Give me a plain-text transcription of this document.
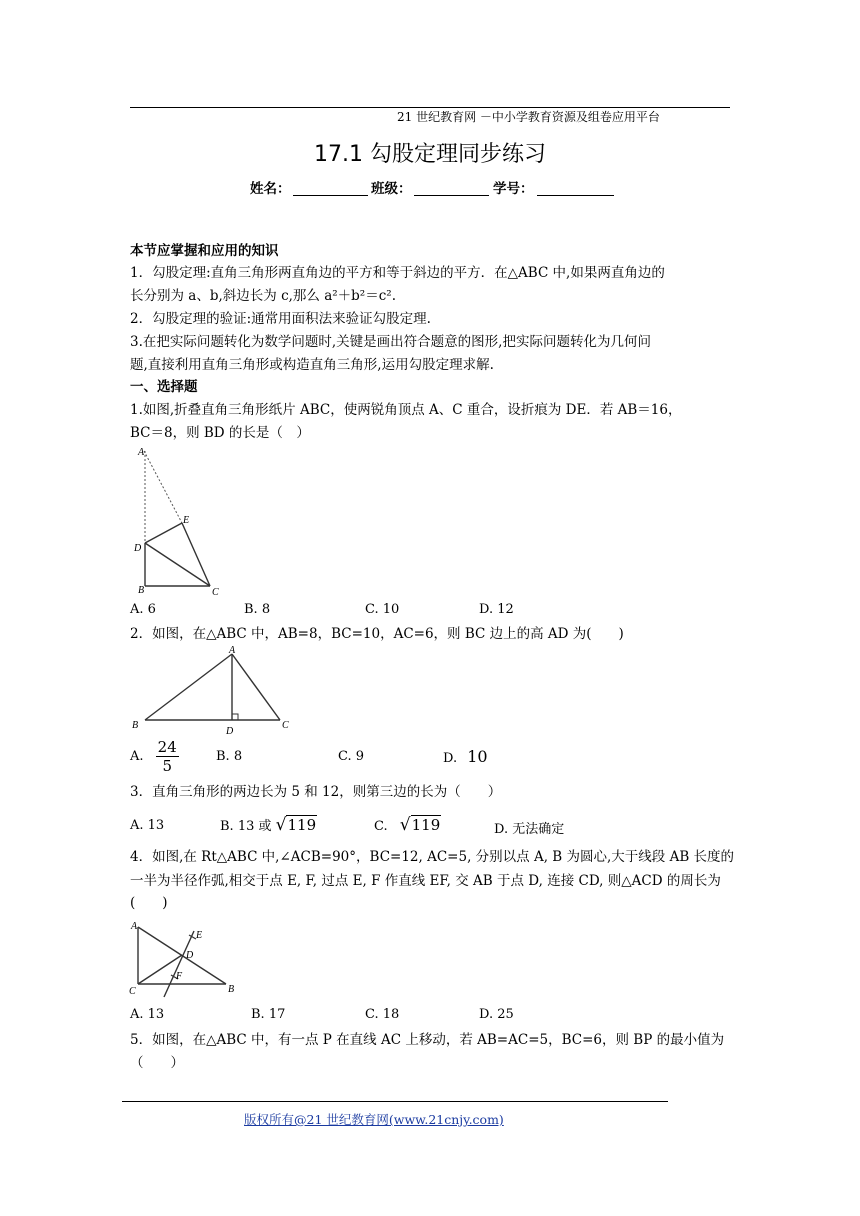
21 世纪教育网 －中小学教育资源及组卷应用平台
17.1 勾股定理同步练习
姓名：	班级：	学号：
本节应掌握和应用的知识
1．勾股定理:直角三角形两直角边的平方和等于斜边的平方．在△ABC 中,如果两直角边的
长分别为 a、b,斜边长为 c,那么 a²＋b²＝c².
2．勾股定理的验证:通常用面积法来验证勾股定理.
3.在把实际问题转化为数学问题时,关键是画出符合题意的图形,把实际问题转化为几何问
题,直接利用直角三角形或构造直角三角形,运用勾股定理求解.
一、选择题
1.如图,折叠直角三角形纸片 ABC，使两锐角顶点 A、C 重合，设折痕为 DE．若 AB＝16，
BC＝8，则 BD 的长是（　）
A
E
D
B	C
A. 6	B. 8	C. 10	D. 12
2．如图，在△ABC 中，AB=8，BC=10，AC=6，则 BC 边上的高 AD 为(　　)
A
B
D
C
A. $\frac{24}{5}$	B. 8	C. 9	D. 10
3．直角三角形的两边长为 5 和 12，则第三边的长为（　　）
A. 13	B. 13 或 √119	C. √119	D. 无法确定
4．如图,在 Rt△ABC 中,∠ACB=90°，BC=12, AC=5, 分别以点 A, B 为圆心,大于线段 AB 长度的
一半为半径作弧,相交于点 E, F, 过点 E, F 作直线 EF, 交 AB 于点 D, 连接 CD, 则△ACD 的周长为
(　　)
A
E
D
F
C	B
A. 13	B. 17	C. 18	D. 25
5．如图，在△ABC 中，有一点 P 在直线 AC 上移动，若 AB=AC=5，BC=6，则 BP 的最小值为
（　　）
版权所有@21 世纪教育网(www.21cnjy.com)
